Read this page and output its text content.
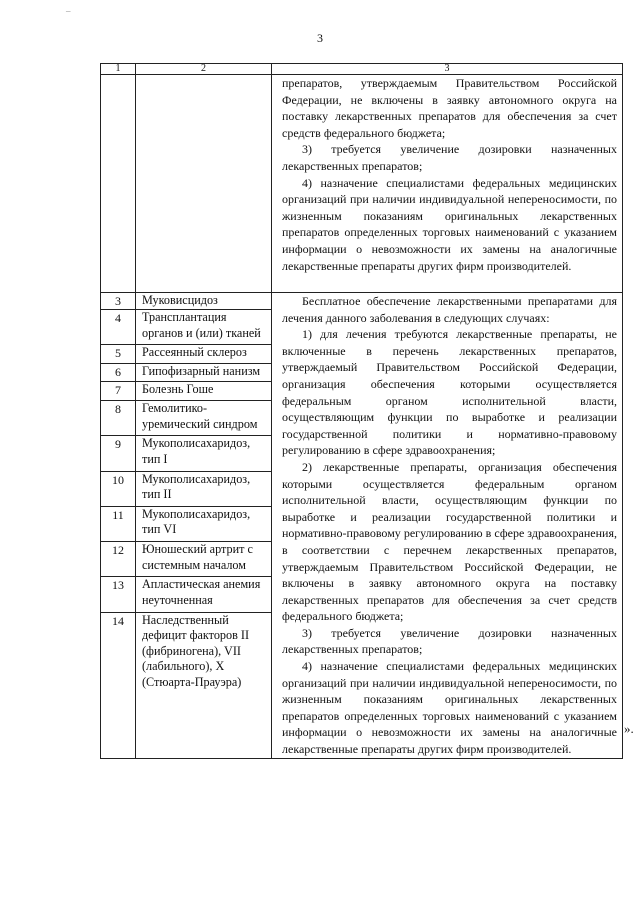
–
3
1	2	3

		препаратов, утверждаемым Правительством Российской Федерации, не включены в заявку автономного округа на поставку лекарственных препаратов для обеспечения за счет средств федерального бюджета;

3) требуется увеличение дозировки назначенных лекарственных препаратов;

4) назначение специалистами федеральных медицинских организаций при наличии индивидуальной непереносимости, по жизненным показаниям оригинальных лекарственных препаратов определенных торговых наименований с указанием информации о невозможности их замены на аналогичные лекарственные препараты других фирм производителей.

3	Муковисцидоз	Бесплатное обеспечение лекарственными препаратами для лечения данного заболевания в следующих случаях:

1) для лечения требуются лекарственные препараты, не включенные в перечень лекарственных препаратов, утверждаемый Правительством Российской Федерации, организация обеспечения которыми осуществляется федеральным органом исполнительной власти, осуществляющим функции по выработке и реализации государственной политики и нормативно-правовому регулированию в сфере здравоохранения;

2) лекарственные препараты, организация обеспечения которыми осуществляется федеральным органом исполнительной власти, осуществляющим функции по выработке и реализации государственной политики и нормативно-правовому регулированию в сфере здравоохранения, в соответствии с перечнем лекарственных препаратов, утверждаемым Правительством Российской Федерации, не включены в заявку автономного округа на поставку лекарственных препаратов для обеспечения за счет средств федерального бюджета;

3) требуется увеличение дозировки назначенных лекарственных препаратов;

4) назначение специалистами федеральных медицинских организаций при наличии индивидуальной непереносимости, по жизненным показаниям оригинальных лекарственных препаратов определенных торговых наименований с указанием информации о невозможности их замены на аналогичные лекарственные препараты других фирм производителей.

4	Трансплантация органов и (или) тканей	
5	Рассеянный склероз	
6	Гипофизарный нанизм	
7	Болезнь Гоше	
8	Гемолитико-уремический синдром	
9	Мукополисахаридоз, тип I	
10	Мукополисахаридоз, тип II	
11	Мукополисахаридоз, тип VI	
12	Юношеский артрит с системным началом	
13	Апластическая анемия неуточненная	
14	Наследственный дефицит факторов II (фибриногена), VII (лабильного), X (Стюарта-Прауэра)	
».
